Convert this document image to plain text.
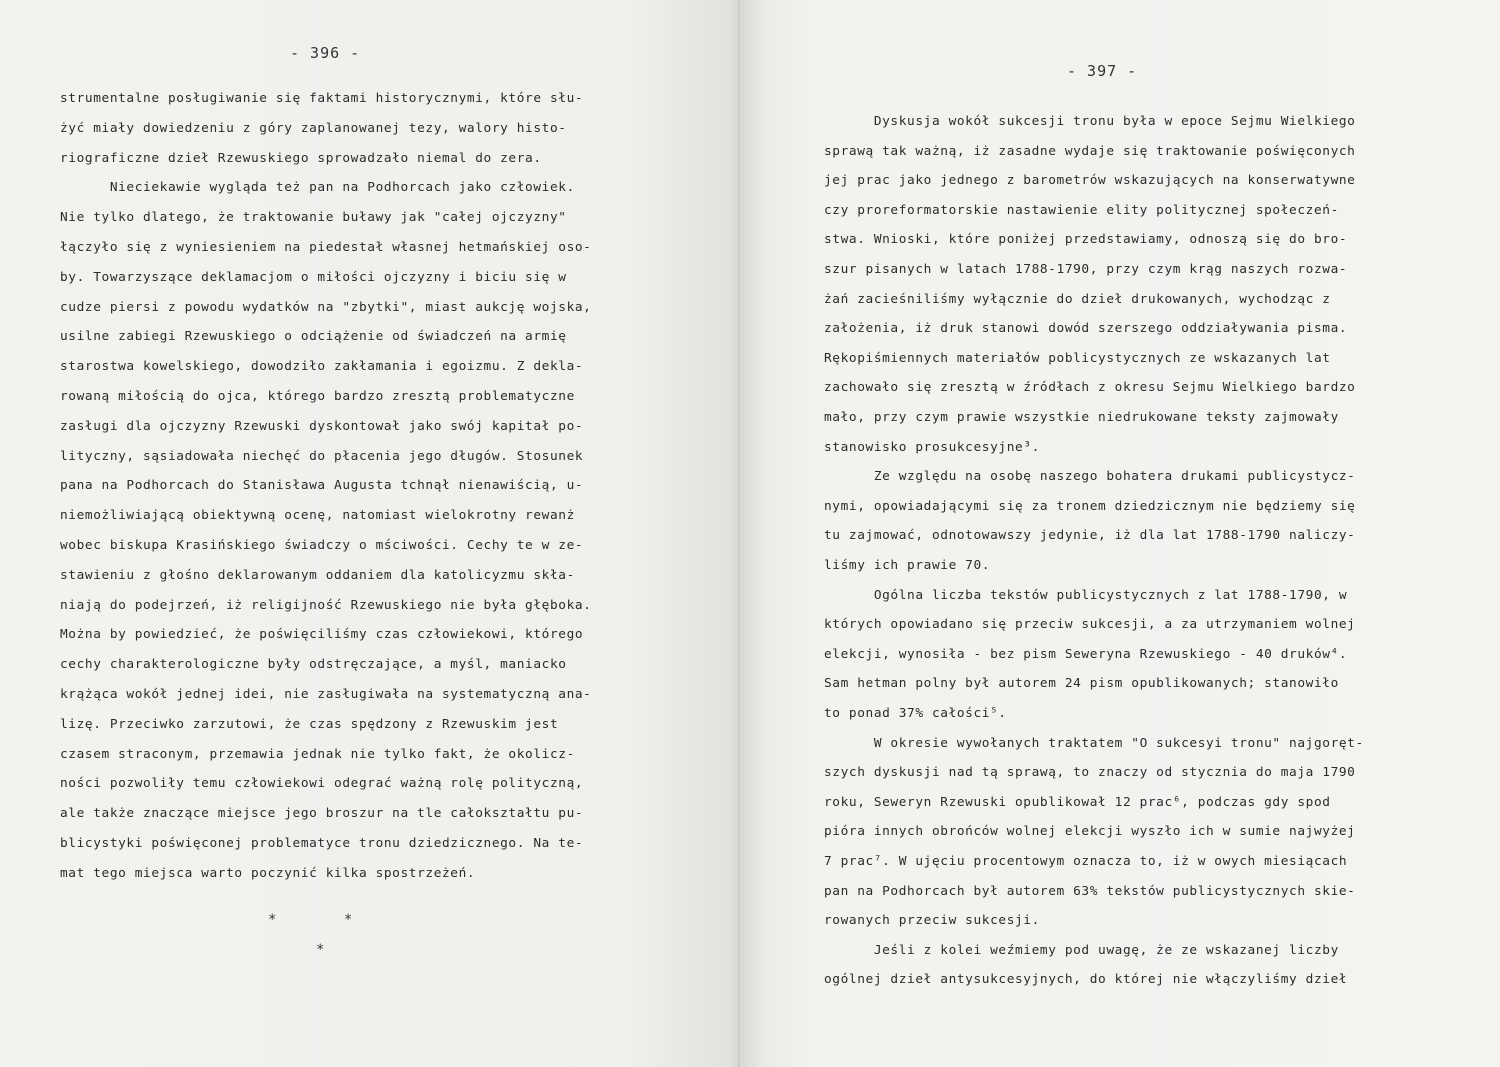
- 396 -
strumentalne posługiwanie się faktami historycznymi, które słu-
żyć miały dowiedzeniu z góry zaplanowanej tezy, walory histo-
riograficzne dzieł Rzewuskiego sprowadzało niemal do zera.
Nieciekawie wygląda też pan na Podhorcach jako człowiek.
Nie tylko dlatego, że traktowanie buławy jak "całej ojczyzny"
łączyło się z wyniesieniem na piedestał własnej hetmańskiej oso-
by. Towarzyszące deklamacjom o miłości ojczyzny i biciu się w
cudze piersi z powodu wydatków na "zbytki", miast aukcję wojska,
usilne zabiegi Rzewuskiego o odciążenie od świadczeń na armię
starostwa kowelskiego, dowodziło zakłamania i egoizmu. Z dekla-
rowaną miłością do ojca, którego bardzo zresztą problematyczne
zasługi dla ojczyzny Rzewuski dyskontował jako swój kapitał po-
lityczny, sąsiadowała niechęć do płacenia jego długów. Stosunek
pana na Podhorcach do Stanisława Augusta tchnął nienawiścią, u-
niemożliwiającą obiektywną ocenę, natomiast wielokrotny rewanż
wobec biskupa Krasińskiego świadczy o mściwości. Cechy te w ze-
stawieniu z głośno deklarowanym oddaniem dla katolicyzmu skła-
niają do podejrzeń, iż religijność Rzewuskiego nie była głęboka.
Można by powiedzieć, że poświęciliśmy czas człowiekowi, którego
cechy charakterologiczne były odstręczające, a myśl, maniacko
krążąca wokół jednej idei, nie zasługiwała na systematyczną ana-
lizę. Przeciwko zarzutowi, że czas spędzony z Rzewuskim jest
czasem straconym, przemawia jednak nie tylko fakt, że okolicz-
ności pozwoliły temu człowiekowi odegrać ważną rolę polityczną,
ale także znaczące miejsce jego broszur na tle całokształtu pu-
blicystyki poświęconej problematyce tronu dziedzicznego. Na te-
mat tego miejsca warto poczynić kilka spostrzeżeń.
*        *
*
- 397 -
Dyskusja wokół sukcesji tronu była w epoce Sejmu Wielkiego
sprawą tak ważną, iż zasadne wydaje się traktowanie poświęconych
jej prac jako jednego z barometrów wskazujących na konserwatywne
czy proreformatorskie nastawienie elity politycznej społeczeń-
stwa. Wnioski, które poniżej przedstawiamy, odnoszą się do bro-
szur pisanych w latach 1788-1790, przy czym krąg naszych rozwa-
żań zacieśniliśmy wyłącznie do dzieł drukowanych, wychodząc z
założenia, iż druk stanowi dowód szerszego oddziaływania pisma.
Rękopiśmiennych materiałów poblicystycznych ze wskazanych lat
zachowało się zresztą w źródłach z okresu Sejmu Wielkiego bardzo
mało, przy czym prawie wszystkie niedrukowane teksty zajmowały
stanowisko prosukcesyjne³.
Ze względu na osobę naszego bohatera drukami publicystycz-
nymi, opowiadającymi się za tronem dziedzicznym nie będziemy się
tu zajmować, odnotowawszy jedynie, iż dla lat 1788-1790 naliczy-
liśmy ich prawie 70.
Ogólna liczba tekstów publicystycznych z lat 1788-1790, w
których opowiadano się przeciw sukcesji, a za utrzymaniem wolnej
elekcji, wynosiła - bez pism Seweryna Rzewuskiego - 40 druków⁴.
Sam hetman polny był autorem 24 pism opublikowanych; stanowiło
to ponad 37% całości⁵.
W okresie wywołanych traktatem "O sukcesyi tronu" najgoręt-
szych dyskusji nad tą sprawą, to znaczy od stycznia do maja 1790
roku, Seweryn Rzewuski opublikował 12 prac⁶, podczas gdy spod
pióra innych obrońców wolnej elekcji wyszło ich w sumie najwyżej
7 prac⁷. W ujęciu procentowym oznacza to, iż w owych miesiącach
pan na Podhorcach był autorem 63% tekstów publicystycznych skie-
rowanych przeciw sukcesji.
Jeśli z kolei weźmiemy pod uwagę, że ze wskazanej liczby
ogólnej dzieł antysukcesyjnych, do której nie włączyliśmy dzieł
